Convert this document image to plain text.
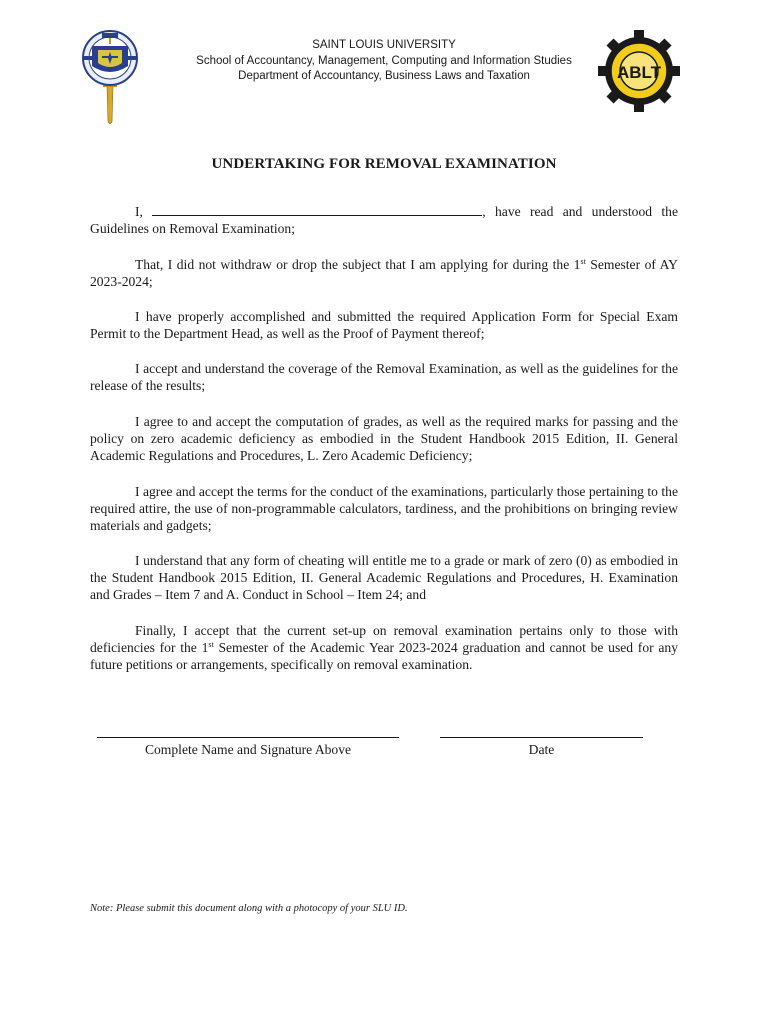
ABLT
SAINT LOUIS UNIVERSITY
School of Accountancy, Management, Computing and Information Studies
Department of Accountancy, Business Laws and Taxation
UNDERTAKING FOR REMOVAL EXAMINATION

I,	, have read and understood the Guidelines on Removal Examination;

That, I did not withdraw or drop the subject that I am applying for during the 1st Semester of AY 2023-2024;

I have properly accomplished and submitted the required Application Form for Special Exam Permit to the Department Head, as well as the Proof of Payment thereof;

I accept and understand the coverage of the Removal Examination, as well as the guidelines for the release of the results;

I agree to and accept the computation of grades, as well as the required marks for passing and the policy on zero academic deficiency as embodied in the Student Handbook 2015 Edition, II. General Academic Regulations and Procedures, L. Zero Academic Deficiency;

I agree and accept the terms for the conduct of the examinations, particularly those pertaining to the required attire, the use of non-programmable calculators, tardiness, and the prohibitions on bringing review materials and gadgets;

I understand that any form of cheating will entitle me to a grade or mark of zero (0) as embodied in the Student Handbook 2015 Edition, II. General Academic Regulations and Procedures, H. Examination and Grades – Item 7 and A. Conduct in School – Item 24; and

Finally, I accept that the current set-up on removal examination pertains only to those with deficiencies for the 1st Semester of the Academic Year 2023-2024 graduation and cannot be used for any future petitions or arrangements, specifically on removal examination.

Complete Name and Signature Above	Date
Note: Please submit this document along with a photocopy of your SLU ID.
